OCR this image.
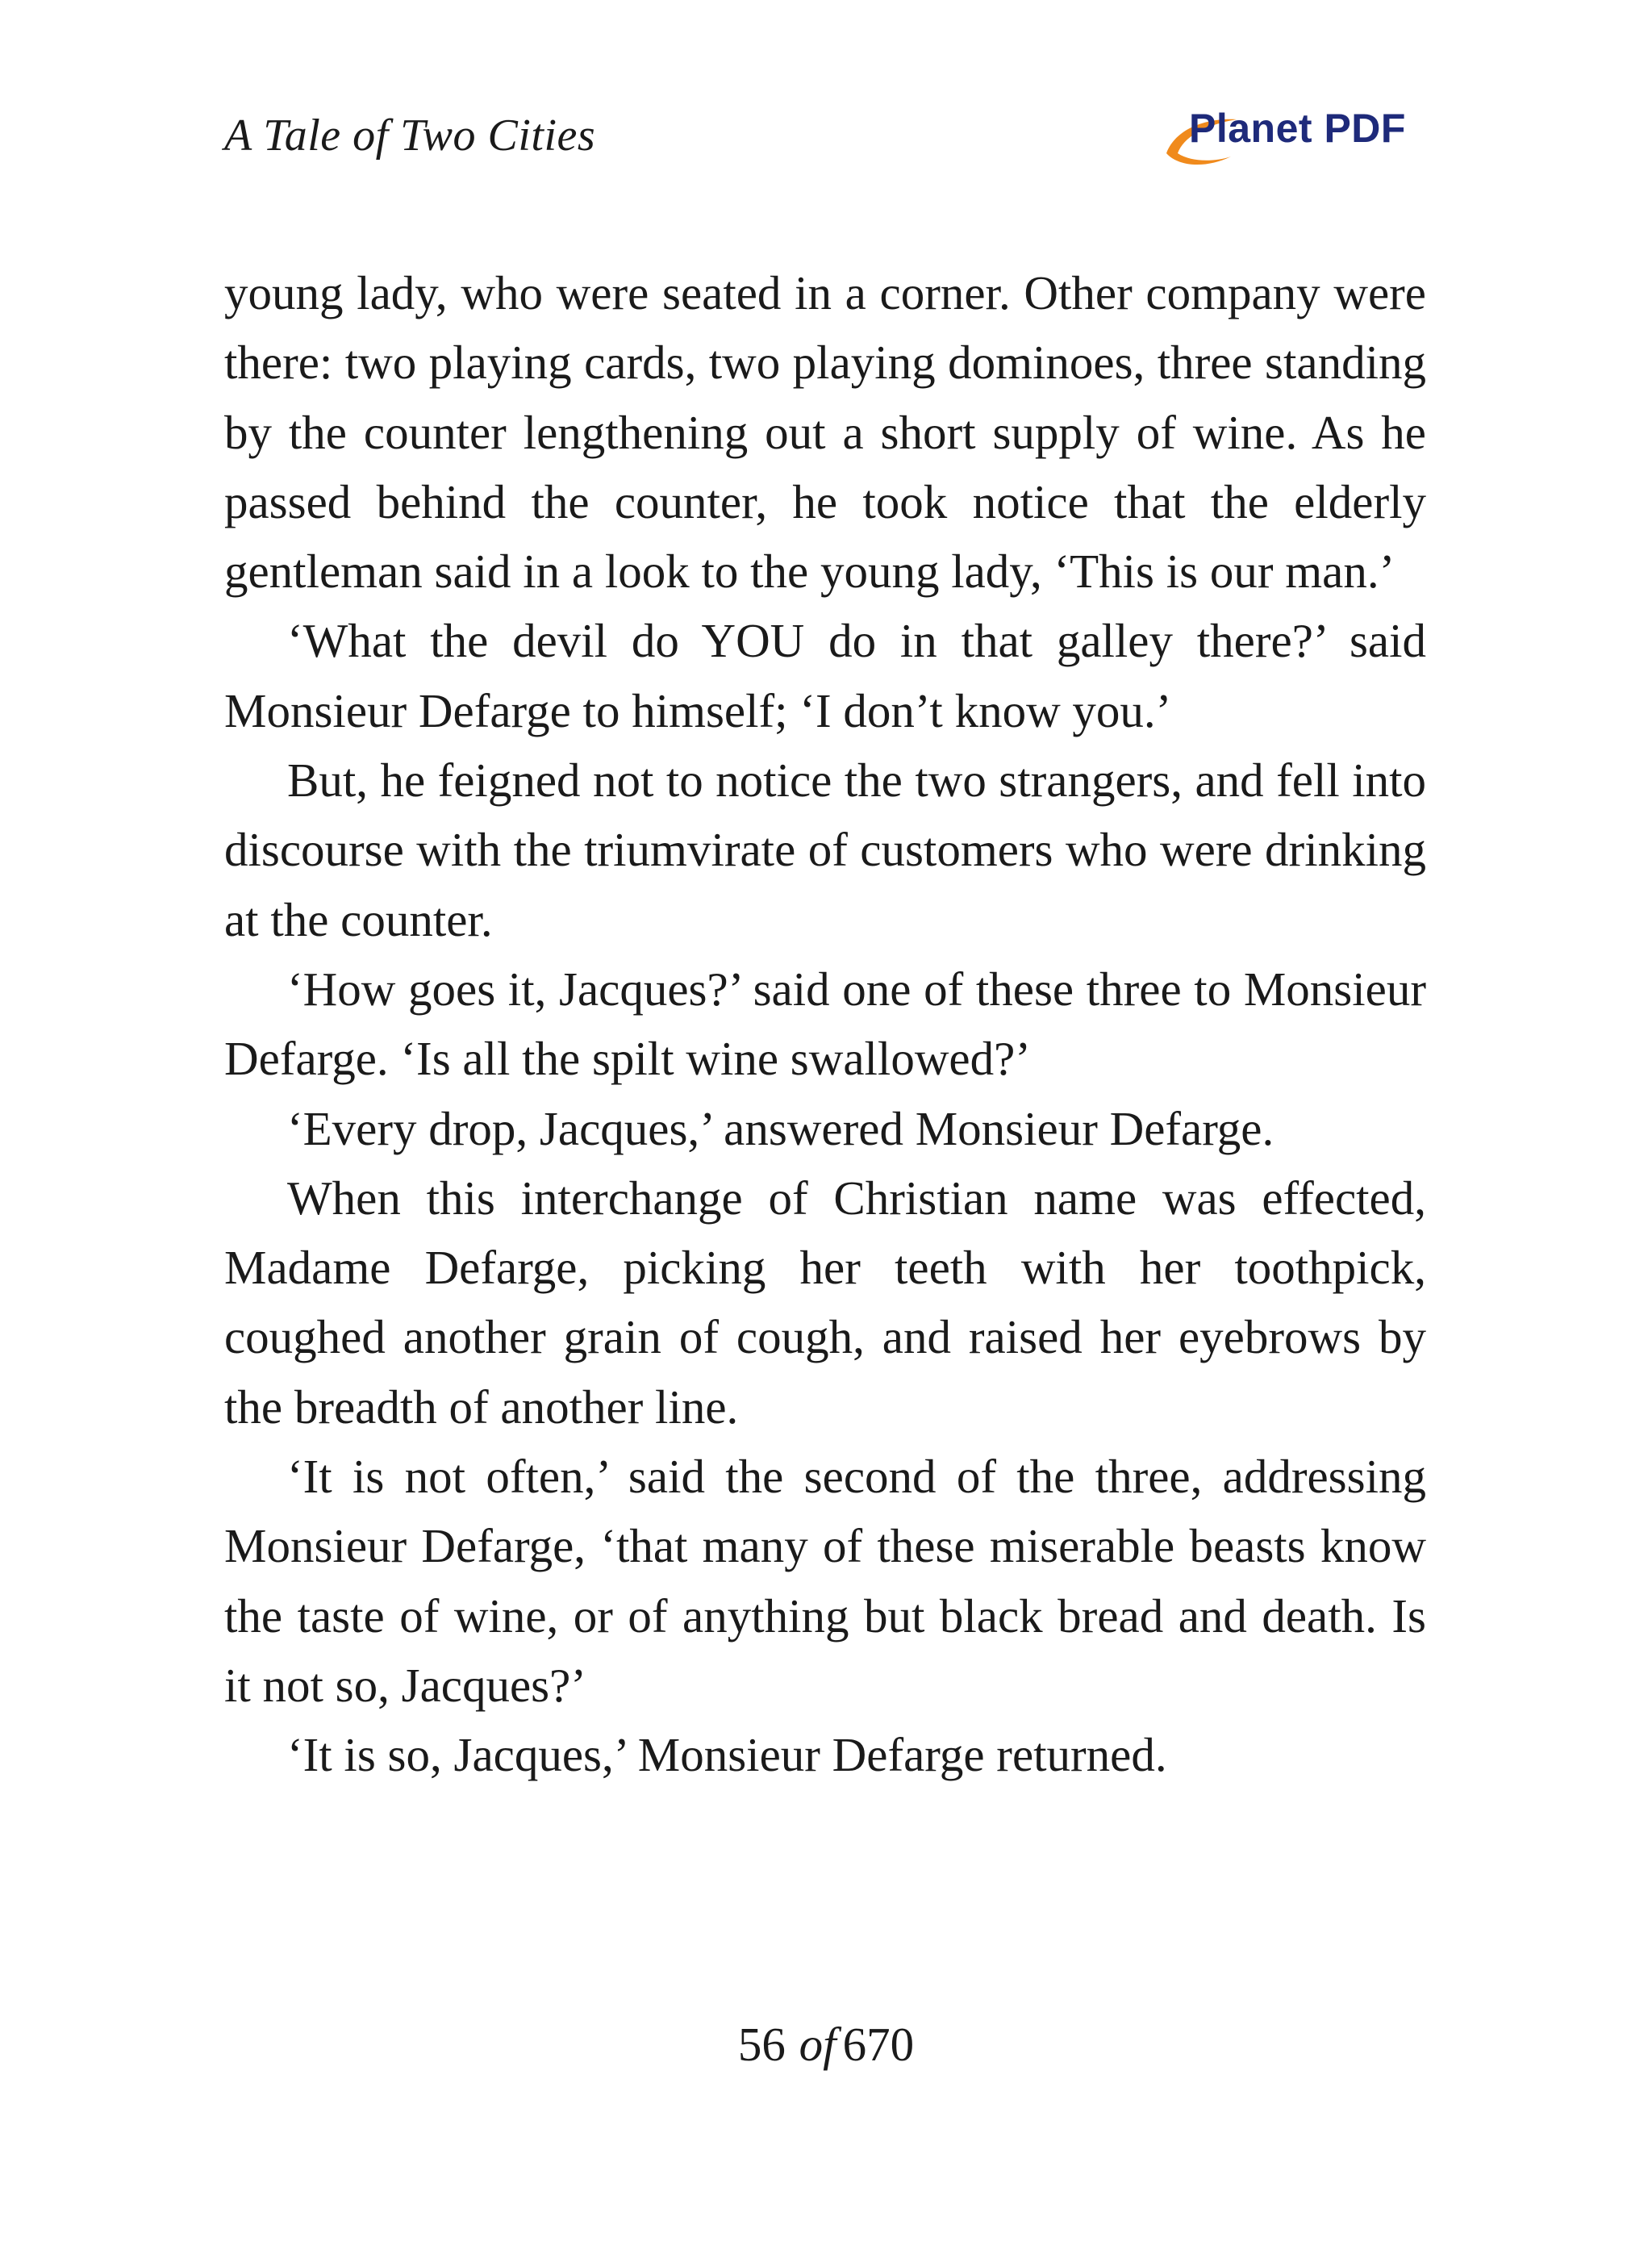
A Tale of Two Cities	Planet PDF

young lady, who were seated in a corner. Other company were there: two playing cards, two playing dominoes, three standing by the counter lengthening out a short supply of wine. As he passed behind the counter, he took notice that the elderly gentleman said in a look to the young lady, ‘This is our man.’

‘What the devil do YOU do in that galley there?’ said Monsieur Defarge to himself; ‘I don’t know you.’

But, he feigned not to notice the two strangers, and fell into discourse with the triumvirate of customers who were drinking at the counter.

‘How goes it, Jacques?’ said one of these three to Monsieur Defarge. ‘Is all the spilt wine swallowed?’

‘Every drop, Jacques,’ answered Monsieur Defarge.

When this interchange of Christian name was effected, Madame Defarge, picking her teeth with her toothpick, coughed another grain of cough, and raised her eyebrows by the breadth of another line.

‘It is not often,’ said the second of the three, addressing Monsieur Defarge, ‘that many of these miserable beasts know the taste of wine, or of anything but black bread and death. Is it not so, Jacques?’

‘It is so, Jacques,’ Monsieur Defarge returned.

56 of 670
